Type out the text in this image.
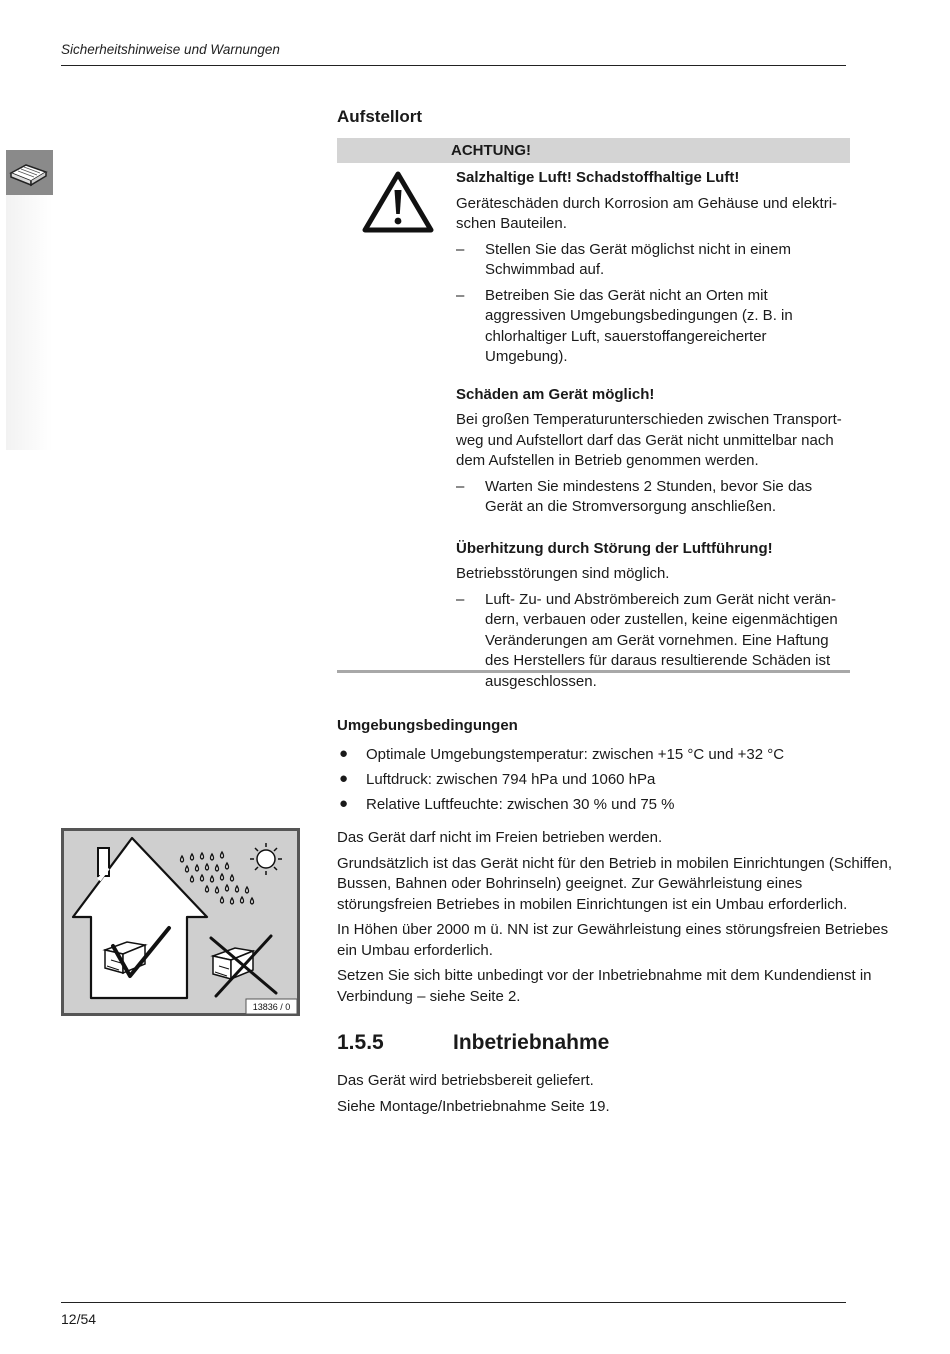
Sicherheitshinweise und Warnungen
Aufstellort
ACHTUNG!
Salzhaltige Luft! Schadstoffhaltige Luft!

Geräteschäden durch Korrosion am Gehäuse und elektri-schen Bauteilen.

– Stellen Sie das Gerät möglichst nicht in einem Schwimmbad auf.
– Betreiben Sie das Gerät nicht an Orten mit aggressiven Umgebungsbedingungen (z. B. in chlorhaltiger Luft, sauerstoffangereicherter Umgebung).
Schäden am Gerät möglich!

Bei großen Temperaturunterschieden zwischen Transport-weg und Aufstellort darf das Gerät nicht unmittelbar nach dem Aufstellen in Betrieb genommen werden.

– Warten Sie mindestens 2 Stunden, bevor Sie das Gerät an die Stromversorgung anschließen.
Überhitzung durch Störung der Luftführung!

Betriebsstörungen sind möglich.

– Luft- Zu- und Abströmbereich zum Gerät nicht verän-dern, verbauen oder zustellen, keine eigenmächtigen Veränderungen am Gerät vornehmen. Eine Haftung des Herstellers für daraus resultierende Schäden ist ausgeschlossen.
Umgebungsbedingungen
● Optimale Umgebungstemperatur: zwischen +15 °C und +32 °C
● Luftdruck: zwischen 794 hPa und 1060 hPa
● Relative Luftfeuchte: zwischen 30 % und 75 %

Das Gerät darf nicht im Freien betrieben werden.

Grundsätzlich ist das Gerät nicht für den Betrieb in mobilen Einrichtungen (Schiffen, Bussen, Bahnen oder Bohrinseln) geeignet. Zur Gewährleistung eines störungsfreien Betriebes in mobilen Einrichtungen ist ein Umbau erforderlich.

In Höhen über 2000 m ü. NN ist zur Gewährleistung eines störungsfreien Betriebes ein Umbau erforderlich.

Setzen Sie sich bitte unbedingt vor der Inbetriebnahme mit dem Kundendienst in Verbindung – siehe Seite 2.

13836 / 0
1.5.5	Inbetriebnahme

Das Gerät wird betriebsbereit geliefert.

Siehe Montage/Inbetriebnahme Seite 19.

12/54
